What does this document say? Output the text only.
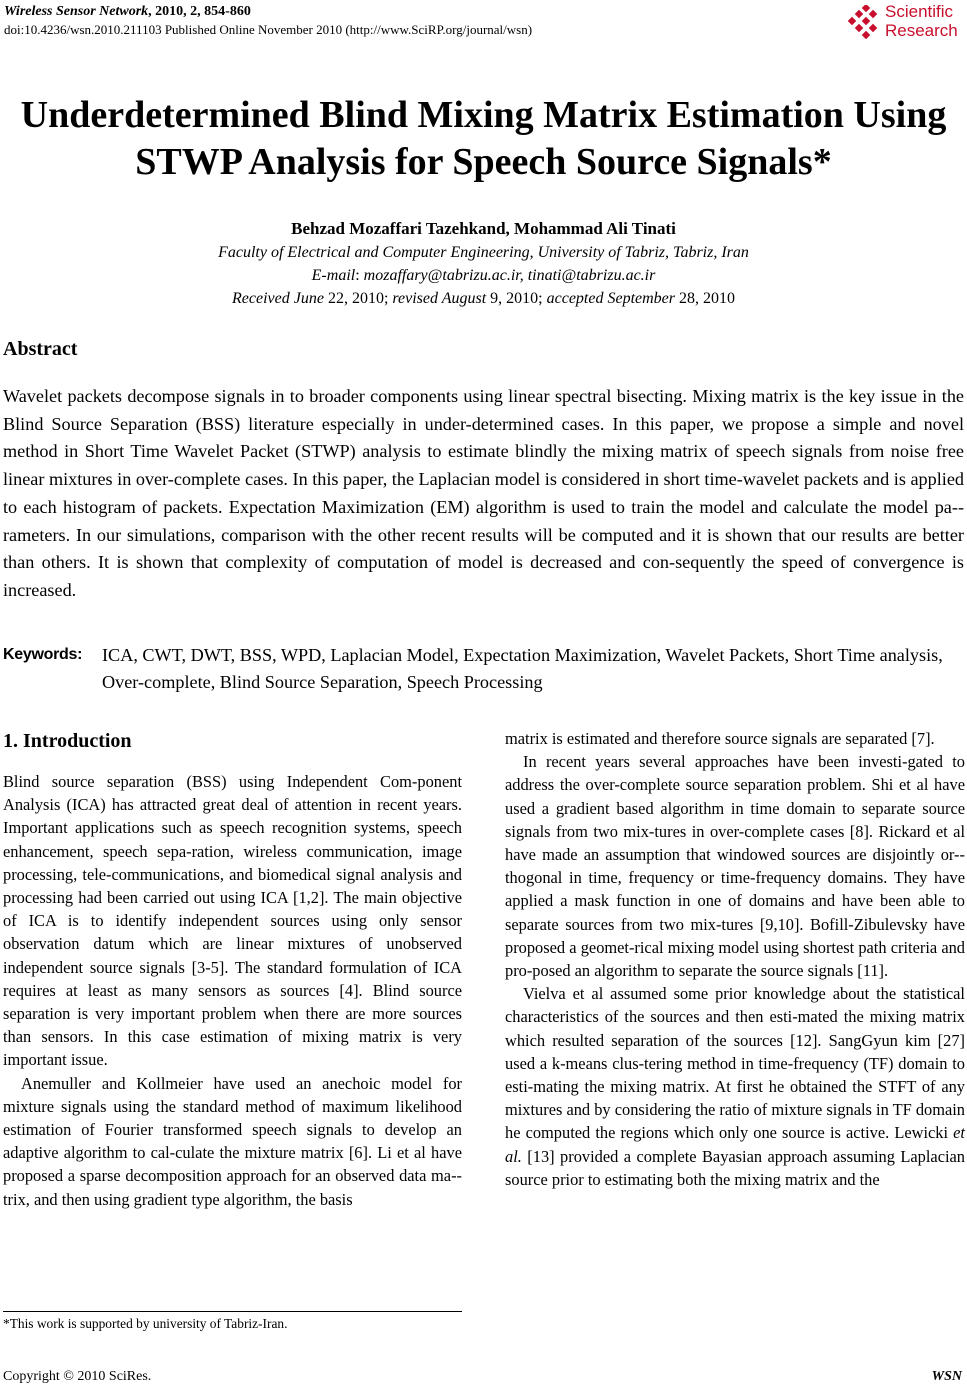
Wireless Sensor Network, 2010, 2, 854-860
doi:10.4236/wsn.2010.211103 Published Online November 2010 (http://www.SciRP.org/journal/wsn)
Scientific
Research
Underdetermined Blind Mixing Matrix Estimation Using
STWP Analysis for Speech Source Signals*
Behzad Mozaffari Tazehkand, Mohammad Ali Tinati
Faculty of Electrical and Computer Engineering, University of Tabriz, Tabriz, Iran
E-mail: mozaffary@tabrizu.ac.ir, tinati@tabrizu.ac.ir
Received June 22, 2010; revised August 9, 2010; accepted September 28, 2010
Abstract
Wavelet packets decompose signals in to broader components using linear spectral bisecting. Mixing matrix is the key issue in the Blind Source Separation (BSS) literature especially in under-determined cases. In this paper, we propose a simple and novel method in Short Time Wavelet Packet (STWP) analysis to estimate blindly the mixing matrix of speech signals from noise free linear mixtures in over-complete cases. In this paper, the Laplacian model is considered in short time-wavelet packets and is applied to each histogram of packets. Expectation Maximization (EM) algorithm is used to train the model and calculate the model pa-rameters. In our simulations, comparison with the other recent results will be computed and it is shown that our results are better than others. It is shown that complexity of computation of model is decreased and con-sequently the speed of convergence is increased.
Keywords: ICA, CWT, DWT, BSS, WPD, Laplacian Model, Expectation Maximization, Wavelet Packets, Short Time analysis, Over-complete, Blind Source Separation, Speech Processing
1. Introduction

Blind source separation (BSS) using Independent Com-ponent Analysis (ICA) has attracted great deal of attention in recent years. Important applications such as speech recognition systems, speech enhancement, speech sepa-ration, wireless communication, image processing, tele-communications, and biomedical signal analysis and processing had been carried out using ICA [1,2]. The main objective of ICA is to identify independent sources using only sensor observation datum which are linear mixtures of unobserved independent source signals [3-5]. The standard formulation of ICA requires at least as many sensors as sources [4]. Blind source separation is very important problem when there are more sources than sensors. In this case estimation of mixing matrix is very important issue.

Anemuller and Kollmeier have used an anechoic model for mixture signals using the standard method of maximum likelihood estimation of Fourier transformed speech signals to develop an adaptive algorithm to cal-culate the mixture matrix [6]. Li et al have proposed a sparse decomposition approach for an observed data ma-trix, and then using gradient type algorithm, the basis

matrix is estimated and therefore source signals are separated [7].

In recent years several approaches have been investi-gated to address the over-complete source separation problem. Shi et al have used a gradient based algorithm in time domain to separate source signals from two mix-tures in over-complete cases [8]. Rickard et al have made an assumption that windowed sources are disjointly or-thogonal in time, frequency or time-frequency domains. They have applied a mask function in one of domains and have been able to separate sources from two mix-tures [9,10]. Bofill-Zibulevsky have proposed a geomet-rical mixing model using shortest path criteria and pro-posed an algorithm to separate the source signals [11].

Vielva et al assumed some prior knowledge about the statistical characteristics of the sources and then esti-mated the mixing matrix which resulted separation of the sources [12]. SangGyun kim [27] used a k-means clus-tering method in time-frequency (TF) domain to esti-mating the mixing matrix. At first he obtained the STFT of any mixtures and by considering the ratio of mixture signals in TF domain he computed the regions which only one source is active. Lewicki et al. [13] provided a complete Bayasian approach assuming Laplacian source prior to estimating both the mixing matrix and the

*This work is supported by university of Tabriz-Iran.
Copyright © 2010 SciRes.	WSN
